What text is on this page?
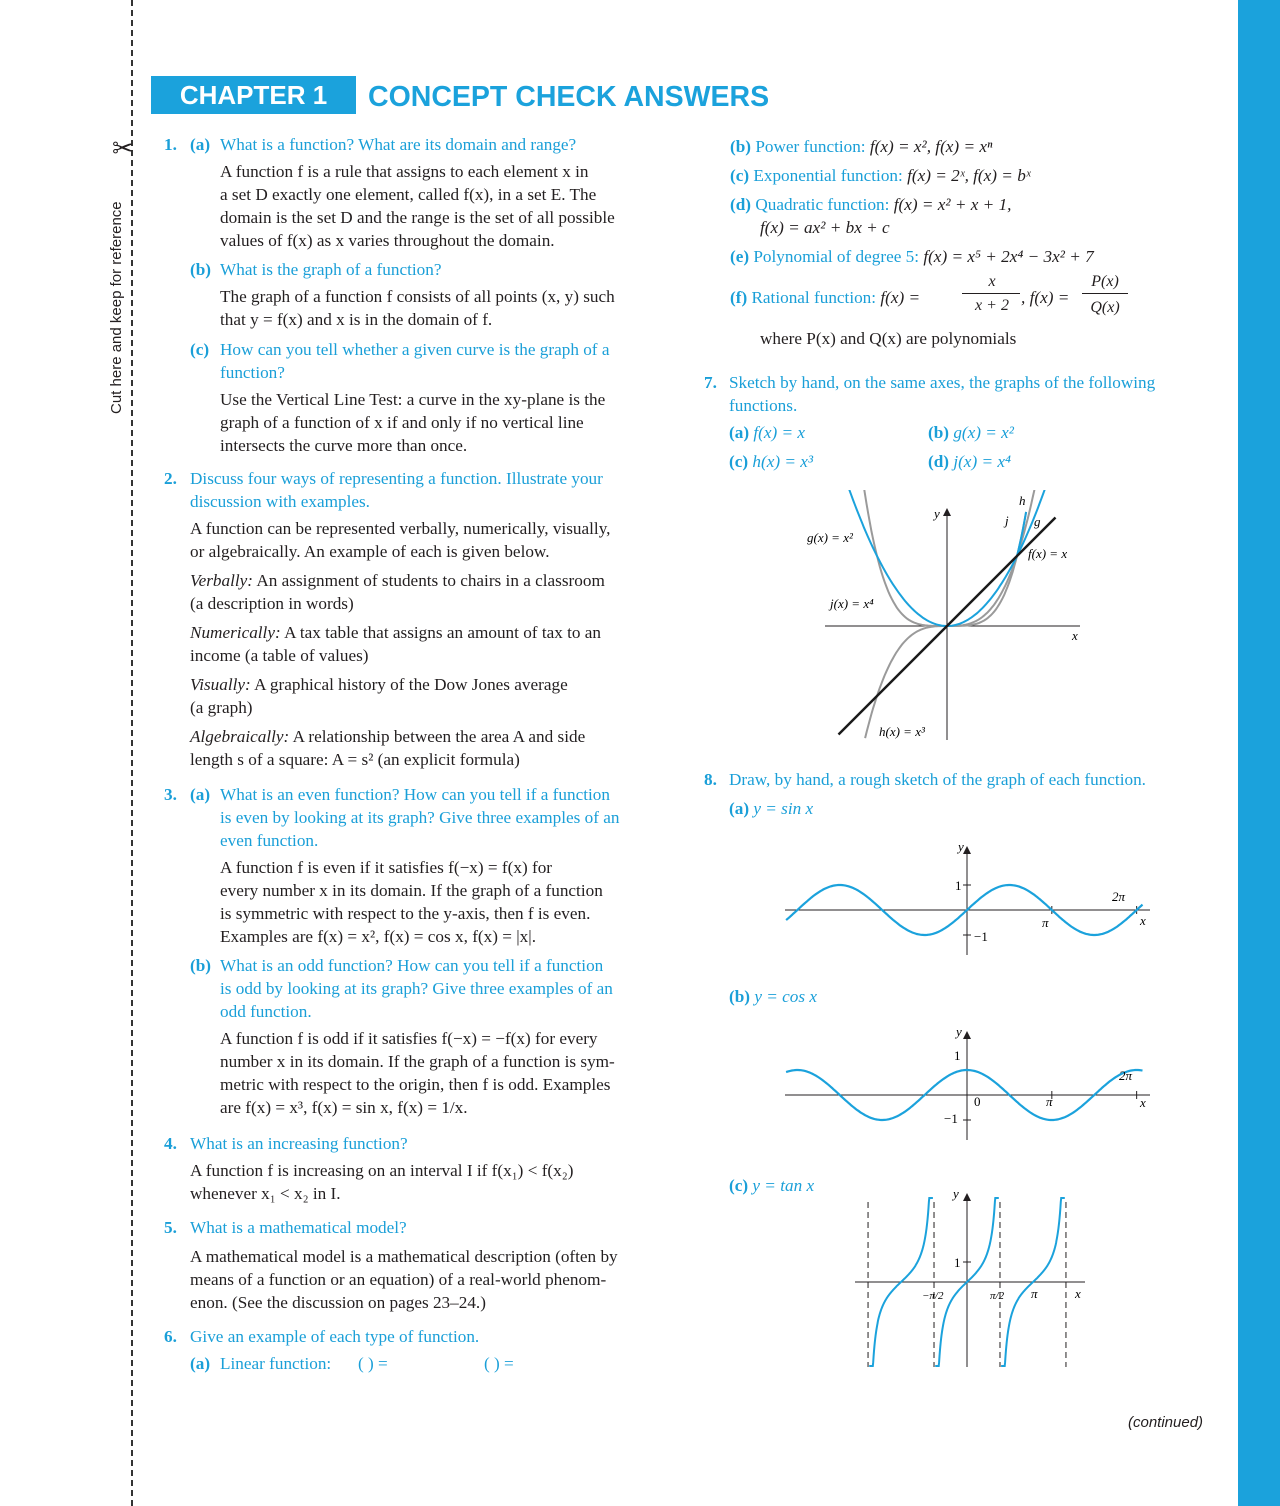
Cut here and keep for reference
✂
CHAPTER 1	CONCEPT CHECK ANSWERS
1. (a) What is a function? What are its domain and range?
A function f is a rule that assigns to each element x in
a set D exactly one element, called f(x), in a set E. The
domain is the set D and the range is the set of all possible
values of f(x) as x varies throughout the domain.
(b) What is the graph of a function?
The graph of a function f consists of all points (x, y) such
that y = f(x) and x is in the domain of f.
(c) How can you tell whether a given curve is the graph of a
function?
Use the Vertical Line Test: a curve in the xy-plane is the
graph of a function of x if and only if no vertical line
intersects the curve more than once.
2. Discuss four ways of representing a function. Illustrate your
discussion with examples.
A function can be represented verbally, numerically, visually,
or algebraically. An example of each is given below.
Verbally: An assignment of students to chairs in a classroom
(a description in words)
Numerically: A tax table that assigns an amount of tax to an
income (a table of values)
Visually: A graphical history of the Dow Jones average
(a graph)
Algebraically: A relationship between the area A and side
length s of a square: A = s² (an explicit formula)
3. (a) What is an even function? How can you tell if a function
is even by looking at its graph? Give three examples of an
even function.
A function f is even if it satisfies f(−x) = f(x) for
every number x in its domain. If the graph of a function
is symmetric with respect to the y-axis, then f is even.
Examples are f(x) = x², f(x) = cos x, f(x) = |x|.
(b) What is an odd function? How can you tell if a function
is odd by looking at its graph? Give three examples of an
odd function.
A function f is odd if it satisfies f(−x) = −f(x) for every
number x in its domain. If the graph of a function is sym-
metric with respect to the origin, then f is odd. Examples
are f(x) = x³, f(x) = sin x, f(x) = 1/x.
4. What is an increasing function?
A function f is increasing on an interval I if f(x₁) < f(x₂)
whenever x₁ < x₂ in I.
5. What is a mathematical model?
A mathematical model is a mathematical description (often by
means of a function or an equation) of a real-world phenom-
enon. (See the discussion on pages 23–24.)
6. Give an example of each type of function.
(a) Linear function: ( ) =	( ) =
(b) Power function: f(x) = x², f(x) = xⁿ
(c) Exponential function: f(x) = 2ˣ, f(x) = bˣ
(d) Quadratic function: f(x) = x² + x + 1,
f(x) = ax² + bx + c
(e) Polynomial of degree 5: f(x) = x⁵ + 2x⁴ − 3x² + 7
(f) Rational function: f(x) =
x
x + 2 , f(x) =
P(x)
Q(x)
where P(x) and Q(x) are polynomials
7. Sketch by hand, on the same axes, the graphs of the following
functions.
(a) f(x) = x	(b) g(x) = x²
(c) h(x) = x³	(d) j(x) = x⁴
g(x) = x²
j(x) = x⁴
f(x) = x
h(x) = x³
h
j g
x
y
8. Draw, by hand, a rough sketch of the graph of each function.
(a) y = sin x
(b) y = cos x
(c) y = tan x
y
1
−1
π
2π
x
y
1
−1
0	π
2π
x
y
1
−π/2	π/2 π	x
(continued)
